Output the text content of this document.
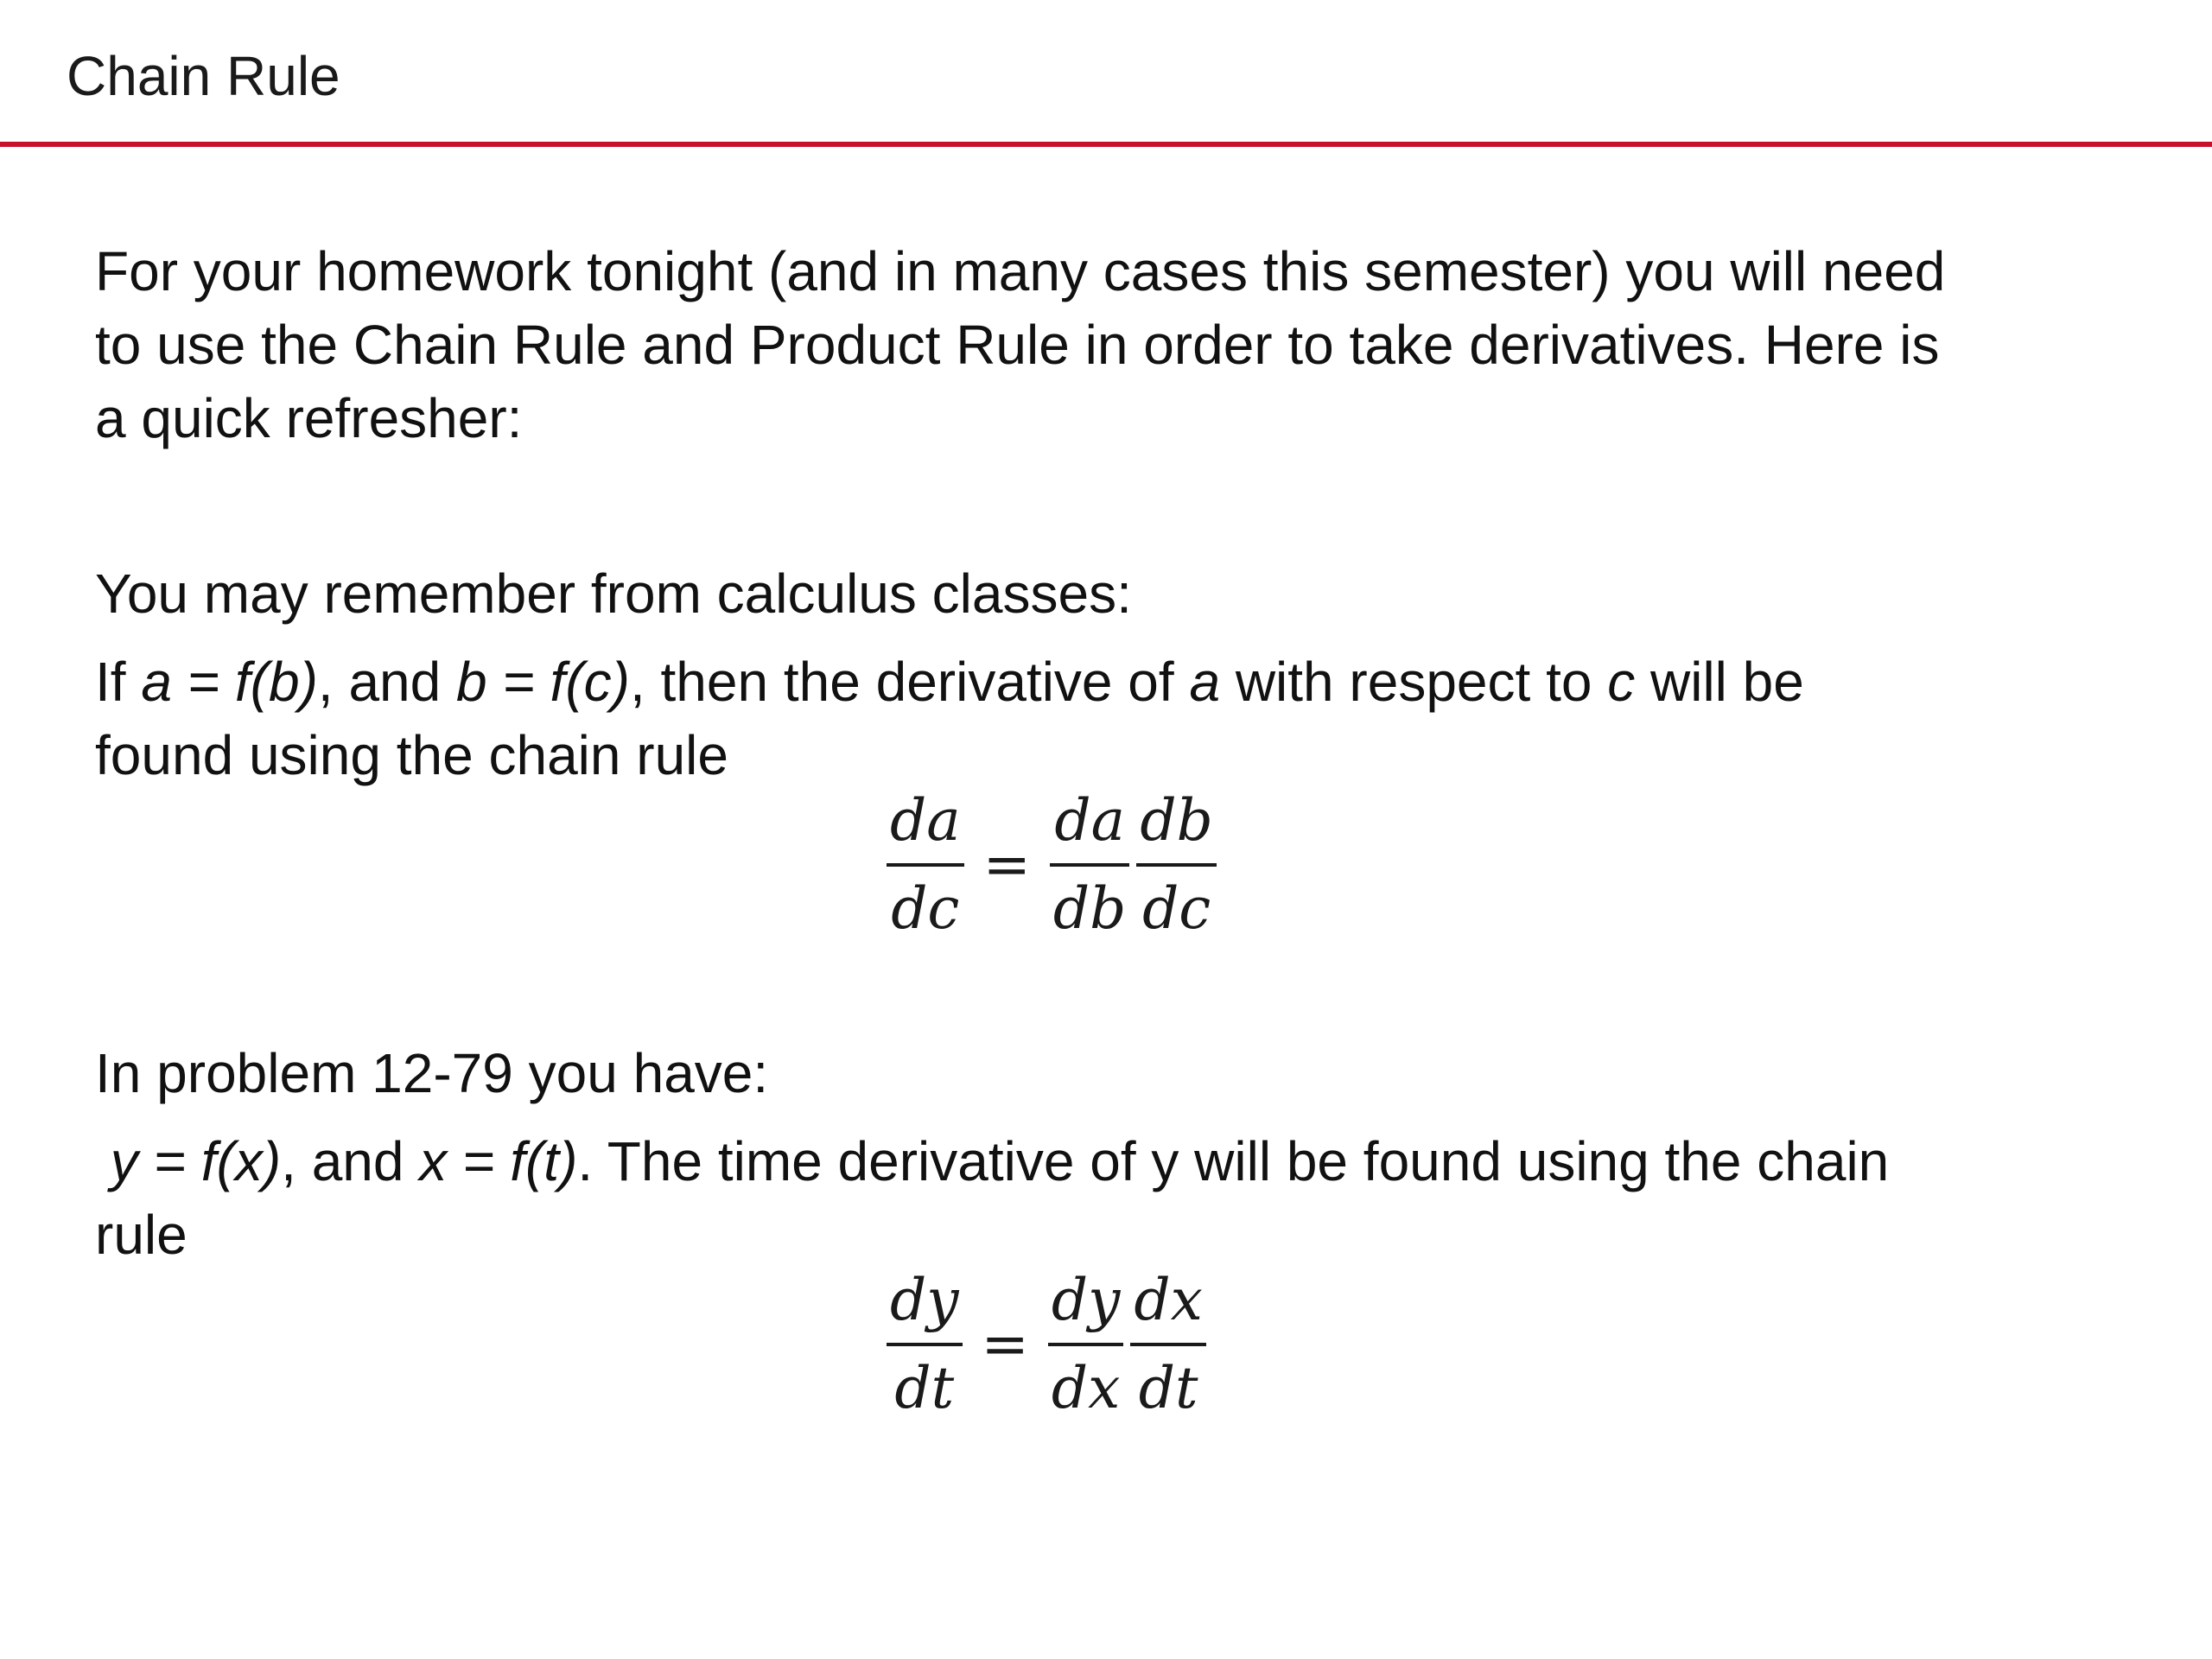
Chain Rule

For your homework tonight (and in many cases this semester) you will need
to use the Chain Rule and Product Rule in order to take derivatives. Here is
a quick refresher:

You may remember from calculus classes:
If a = f(b), and b = f(c), then the derivative of a with respect to c will be
found using the chain rule

$\frac{da}{dc} = \frac{da}{db} \frac{db}{dc}$

In problem 12-79 you have:
y = f(x), and x = f(t). The time derivative of y will be found using the chain
rule

$\frac{dy}{dt} = \frac{dy}{dx} \frac{dx}{dt}$
